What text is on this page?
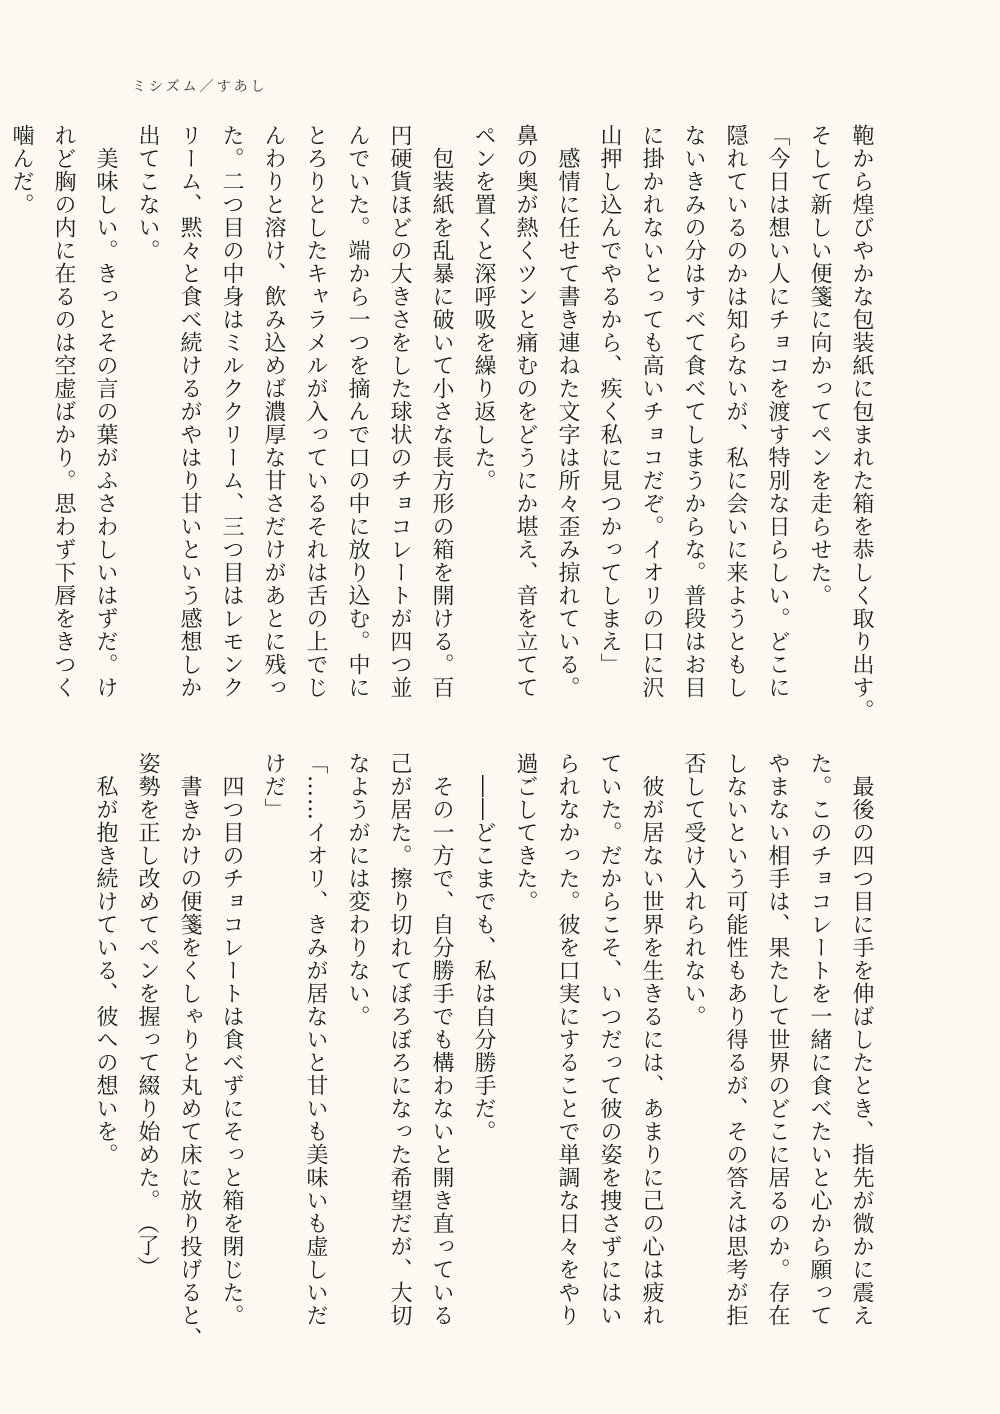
ミシズム／すあし
鞄から煌びやかな包装紙に包まれた箱を恭しく取り出す。
そして新しい便箋に向かってペンを走らせた。
「今日は想い人にチョコを渡す特別な日らしい。どこに
隠れているのかは知らないが、私に会いに来ようともし
ないきみの分はすべて食べてしまうからな。普段はお目
に掛かれないとっても高いチョコだぞ。イオリの口に沢
山押し込んでやるから、疾く私に見つかってしまえ」
　感情に任せて書き連ねた文字は所々歪み掠れている。
鼻の奥が熱くツンと痛むのをどうにか堪え、音を立てて
ペンを置くと深呼吸を繰り返した。
　包装紙を乱暴に破いて小さな長方形の箱を開ける。百
円硬貨ほどの大きさをした球状のチョコレートが四つ並
んでいた。端から一つを摘んで口の中に放り込む。中に
とろりとしたキャラメルが入っているそれは舌の上でじ
んわりと溶け、飲み込めば濃厚な甘さだけがあとに残っ
た。二つ目の中身はミルククリーム、三つ目はレモンク
リーム、黙々と食べ続けるがやはり甘いという感想しか
出てこない。
　美味しい。きっとその言の葉がふさわしいはずだ。け
れど胸の内に在るのは空虚ばかり。思わず下唇をきつく
噛んだ。
　最後の四つ目に手を伸ばしたとき、指先が微かに震え
た。このチョコレートを一緒に食べたいと心から願って
やまない相手は、果たして世界のどこに居るのか。存在
しないという可能性もあり得るが、その答えは思考が拒
否して受け入れられない。
　彼が居ない世界を生きるには、あまりに己の心は疲れ
ていた。だからこそ、いつだって彼の姿を捜さずにはい
られなかった。彼を口実にすることで単調な日々をやり
過ごしてきた。
　――どこまでも、私は自分勝手だ。
　その一方で、自分勝手でも構わないと開き直っている
己が居た。擦り切れてぼろぼろになった希望だが、大切
なようがには変わりない。
「……イオリ、きみが居ないと甘いも美味いも虚しいだ
けだ」
　四つ目のチョコレートは食べずにそっと箱を閉じた。
　書きかけの便箋をくしゃりと丸めて床に放り投げると、
姿勢を正し改めてペンを握って綴り始めた。
　私が抱き続けている、彼への想いを。
（了）
